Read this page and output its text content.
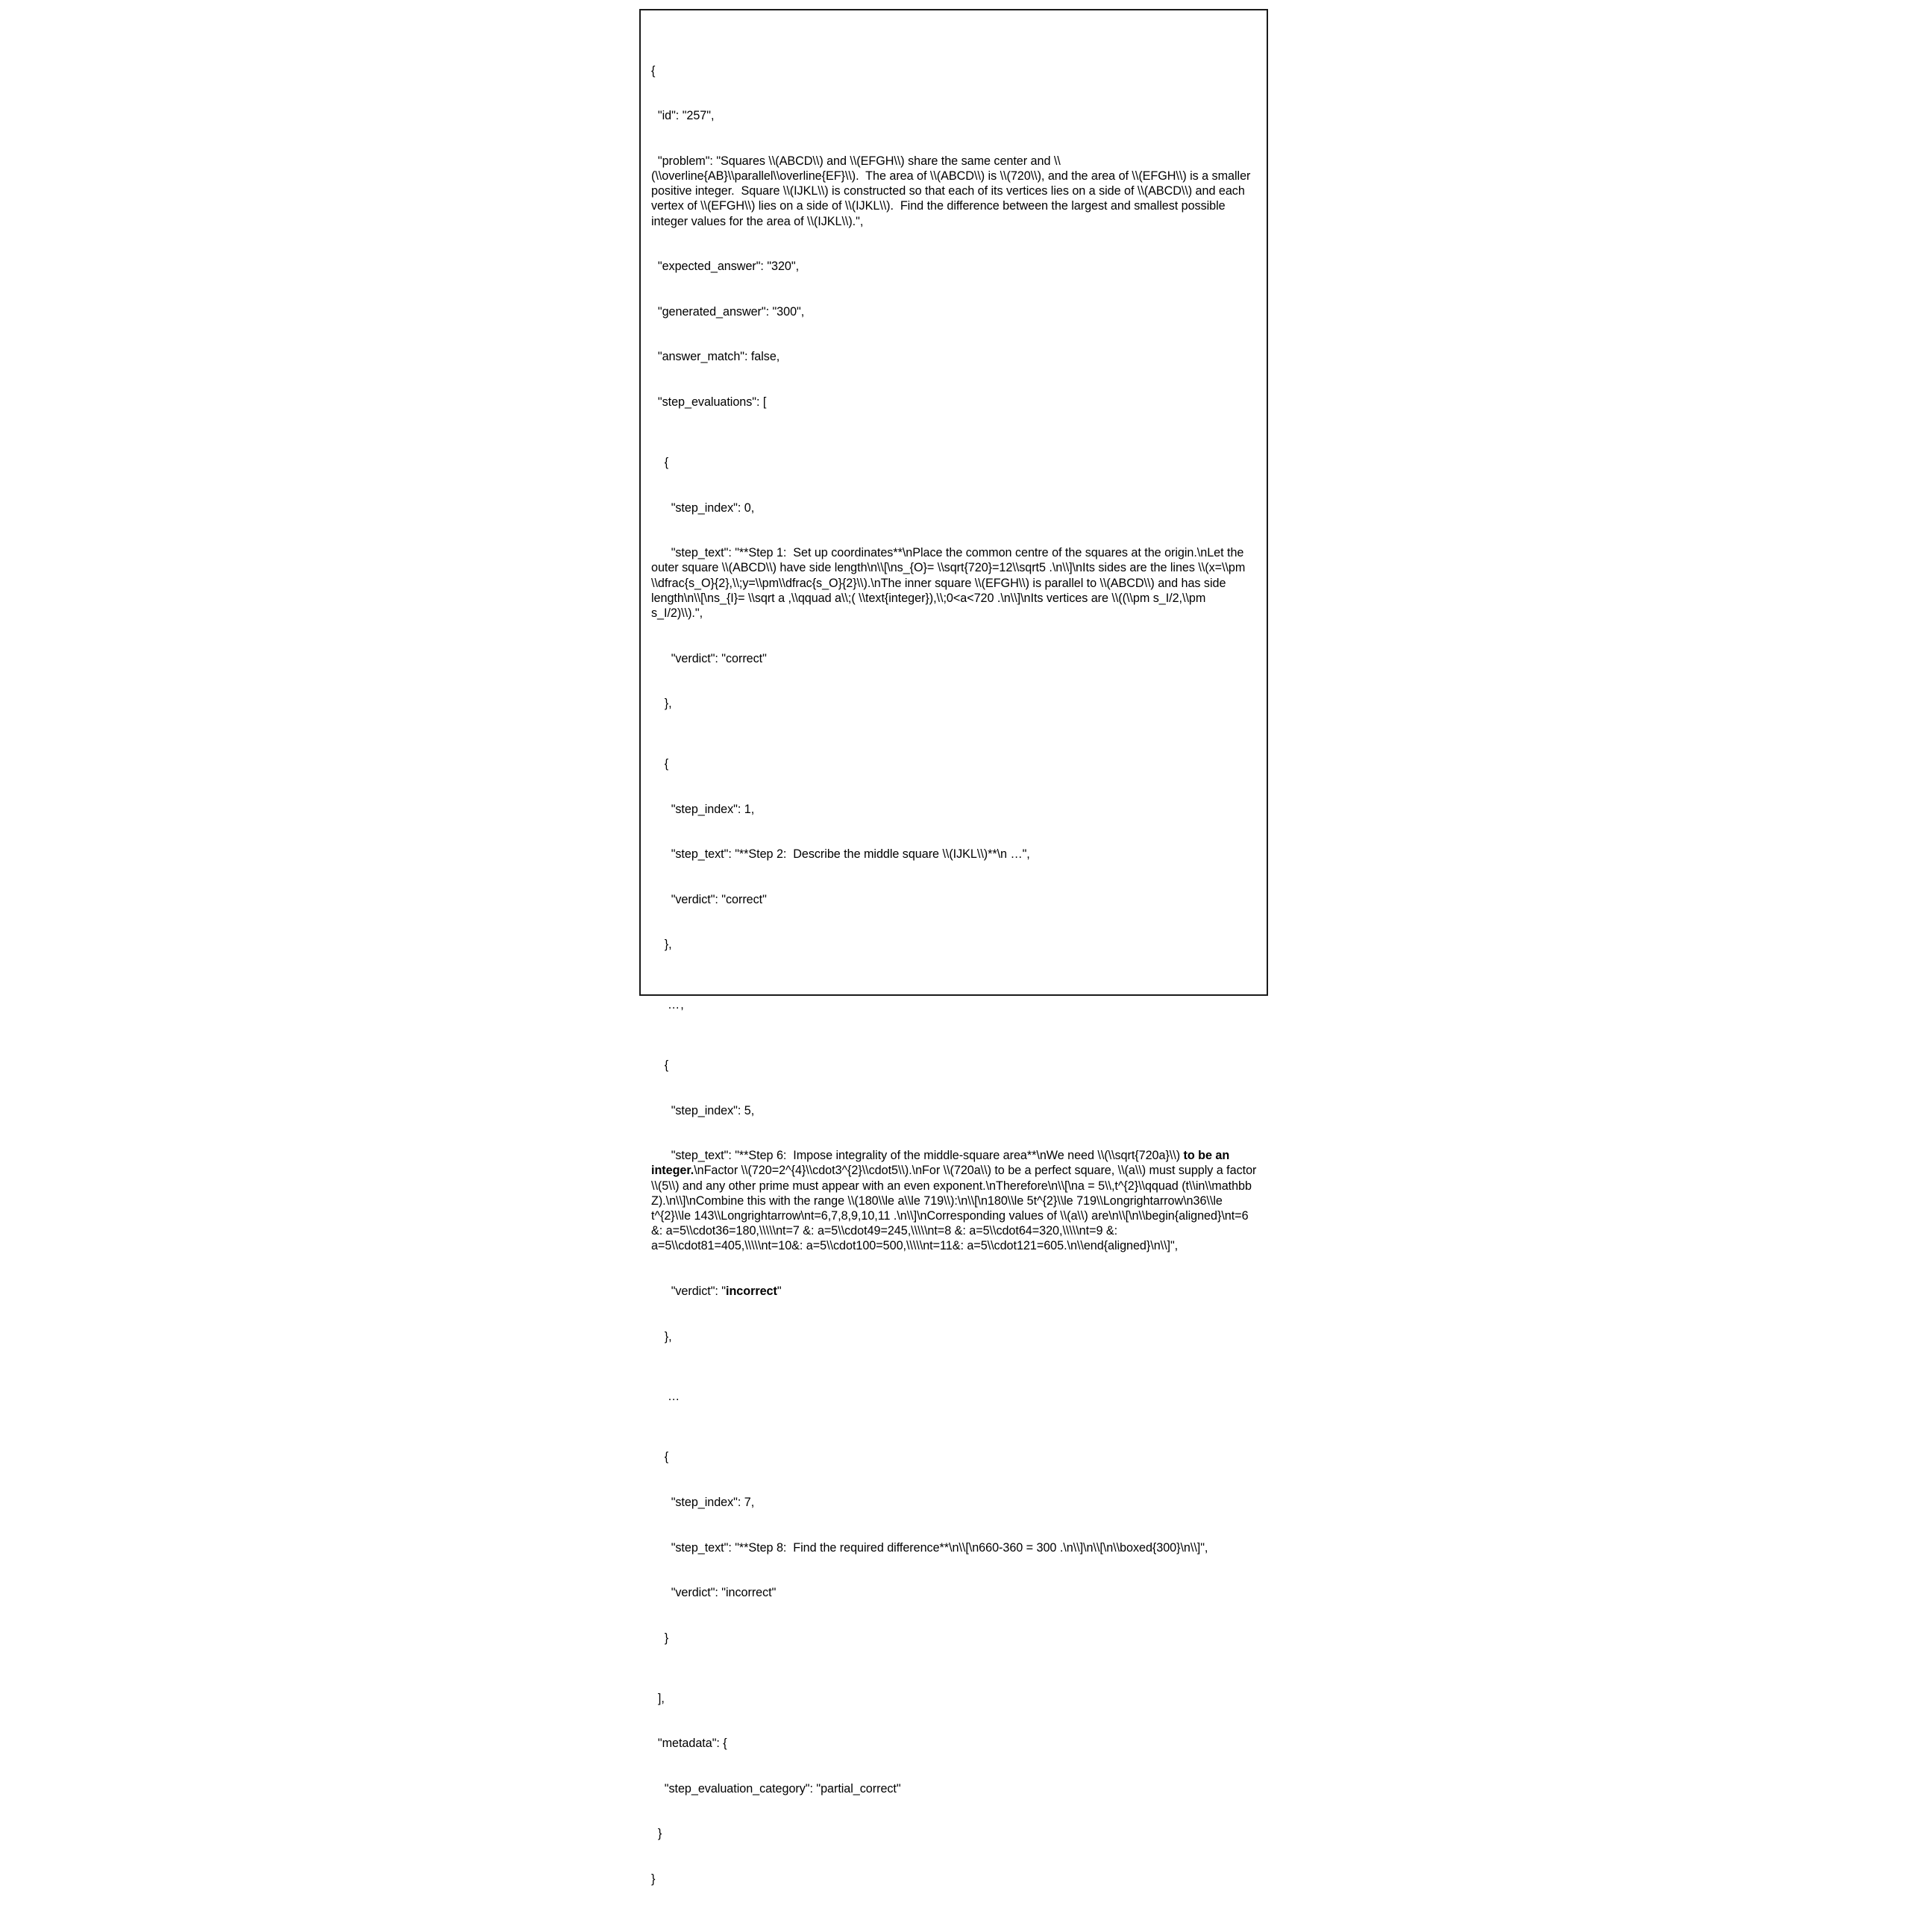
{

"id": "257",

"problem": "Squares \\(ABCD\\) and \\(EFGH\\) share the same center and \\(\\overline{AB}\\parallel\\overline{EF}\\).  The area of \\(ABCD\\) is \\(720\\), and the area of \\(EFGH\\) is a smaller positive integer.  Square \\(IJKL\\) is constructed so that each of its vertices lies on a side of \\(ABCD\\) and each vertex of \\(EFGH\\) lies on a side of \\(IJKL\\).  Find the difference between the largest and smallest possible integer values for the area of \\(IJKL\\).",

"expected_answer": "320",

"generated_answer": "300",

"answer_match": false,

"step_evaluations": [

{

"step_index": 0,

"step_text": "**Step 1:  Set up coordinates**\nPlace the common centre of the squares at the origin.\nLet the outer square \\(ABCD\\) have side length\n\\[\ns_{O}= \\sqrt{720}=12\\sqrt5 .\n\\]\nIts sides are the lines \\(x=\\pm \\dfrac{s_O}{2},\\;y=\\pm\\dfrac{s_O}{2}\\).\nThe inner square \\(EFGH\\) is parallel to \\(ABCD\\) and has side length\n\\[\ns_{I}= \\sqrt a ,\\qquad a\\;( \\text{integer}),\\;0<a<720 .\n\\]\nIts vertices are \\((\\pm s_I/2,\\pm s_I/2)\\).",

"verdict": "correct"

},

{

"step_index": 1,

"step_text": "**Step 2:  Describe the middle square \\(IJKL\\)**\n …",

"verdict": "correct"

},

…,

{

"step_index": 5,

"step_text": "**Step 6:  Impose integrality of the middle-square area**\nWe need \\(\\sqrt{720a}\\) to be an integer.\nFactor \\(720=2^{4}\\cdot3^{2}\\cdot5\\).\nFor \\(720a\\) to be a perfect square, \\(a\\) must supply a factor \\(5\\) and any other prime must appear with an even exponent.\nTherefore\n\\[\na = 5\\,t^{2}\\qquad (t\\in\\mathbb Z).\n\\]\nCombine this with the range \\(180\\le a\\le 719\\):\n\\[\n180\\le 5t^{2}\\le 719\\Longrightarrow\n36\\le t^{2}\\le 143\\Longrightarrow\nt=6,7,8,9,10,11 .\n\\]\nCorresponding values of \\(a\\) are\n\\[\n\\begin{aligned}\nt=6 &: a=5\\cdot36=180,\\\\\nt=7 &: a=5\\cdot49=245,\\\\\nt=8 &: a=5\\cdot64=320,\\\\\nt=9 &: a=5\\cdot81=405,\\\\\nt=10&: a=5\\cdot100=500,\\\\\nt=11&: a=5\\cdot121=605.\n\\end{aligned}\n\\]",

"verdict": "incorrect"

},

…

{

"step_index": 7,

"step_text": "**Step 8:  Find the required difference**\n\\[\n660-360 = 300 .\n\\]\n\\[\n\\boxed{300}\n\\]",

"verdict": "incorrect"

}

],

"metadata": {

"step_evaluation_category": "partial_correct"

}

}
